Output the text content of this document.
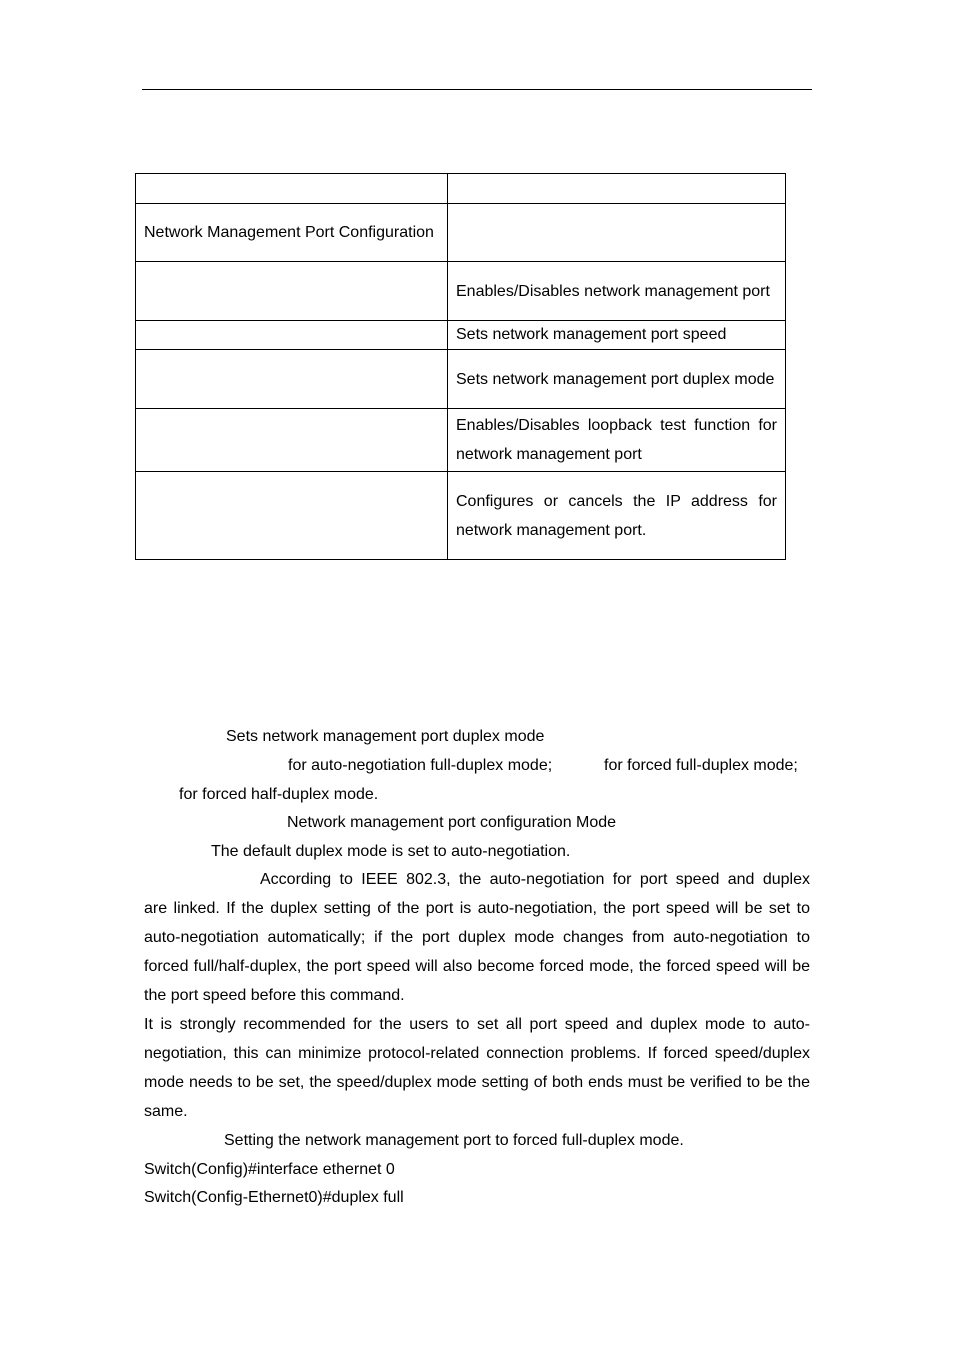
Network Management Port Configuration	
	Enables/Disables network management port
	Sets network management port speed
	Sets network management port duplex mode
	Enables/Disables loopback test function for network management port
	Configures or cancels the IP address for network management port.
Sets network management port duplex mode
for auto-negotiation full-duplex mode;	for forced full-duplex mode;
for forced half-duplex mode.
Network management port configuration Mode
The default duplex mode is set to auto-negotiation.
According to IEEE 802.3, the auto-negotiation for port speed and duplex
are linked. If the duplex setting of the port is auto-negotiation, the port speed will be set to auto-negotiation automatically; if the port duplex mode changes from auto-negotiation to forced full/half-duplex, the port speed will also become forced mode, the forced speed will be the port speed before this command.
It is strongly recommended for the users to set all port speed and duplex mode to auto-negotiation, this can minimize protocol-related connection problems. If forced speed/duplex mode needs to be set, the speed/duplex mode setting of both ends must be verified to be the same.
Setting the network management port to forced full-duplex mode.
Switch(Config)#interface ethernet 0
Switch(Config-Ethernet0)#duplex full
